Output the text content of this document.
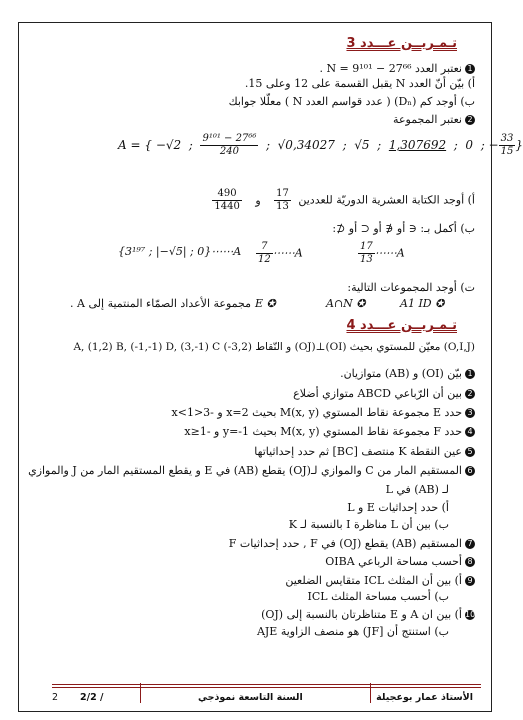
تـمـريــن عـــدد 3
1نعتبر العدد N = 9¹⁰¹ − 27⁶⁶ .
أ) بيّن أنّ العدد N يقبل القسمة على 12 وعلى 15.
ب) أوجد كم (Dₙ) ( عدد قواسم العدد N ) معلّلا جوابك
2نعتبر المجموعة
A = { −√2  ; $\frac{\text{9¹⁰¹ − 27⁶⁶}}{240}$ ;  √0,34027  ;  √5  ;  1,307692  ;  0  ; − $\frac{33}{15}$ }
أ) أوجد الكتابة العشرية الدوريّة للعددين
$\frac{17}{13}$
و
$\frac{490}{1440}$
ب) أكمل بـ: ∈ أو ∉ أو ⊂ أو ⊄:
{3¹⁹⁷ ; |−√5| ; 0}⋯⋯A $\frac{7}{12}$ ⋯⋯A	$\frac{17}{13}$ ⋯⋯A
ت) أوجد المجموعات التالية:
A1 ID ✪
A∩N ✪
E ✪
مجموعة الأعداد الصمّاء المنتمية إلى A .
تـمـريــن عـــدد 4
(O,I,J) معيّن للمستوي بحيث (OI)⊥(OJ) و النّقاط (3,2-) A, (1,2) B, (-1,-1) D, (3,-1) C
1بيّن (OI) و (AB) متوازيان.
2بين أن الرّباعي ABCD متوازي أضلاع
3حدد E مجموعة نقاط المستوي M(x, y) بحيث x=2 و -3<x<1
4حدد F مجموعة نقاط المستوي M(x, y) بحيث y=-1 و -1≤x
5عين النقطة K منتصف [BC] ثم حدد إحداثياتها
6المستقيم المار من C والموازي لـ(OJ) يقطع (AB) في E و يقطع المستقيم المار من J والموازي
لـ (AB) في L
أ) حدد إحداثيات E و L
ب) بين أن L مناظرة I بالنسبة لـ K
7المستقيم (AB) يقطع (OJ) في F , حدد إحداثيات F
8أحسب مساحة الرباعي OIBA
9أ) بين أن المثلث ICL متقايس الضلعين
ب) أحسب مساحة المثلث ICL
10أ) بين ان A و E متناظرتان بالنسبة إلى (OJ)
ب) استنتج أن [JF) هو منصف الزاوية AJE
الأستاذ عمار بوعجيلة
السنة التاسعة نموذجي
2/2 /
2
